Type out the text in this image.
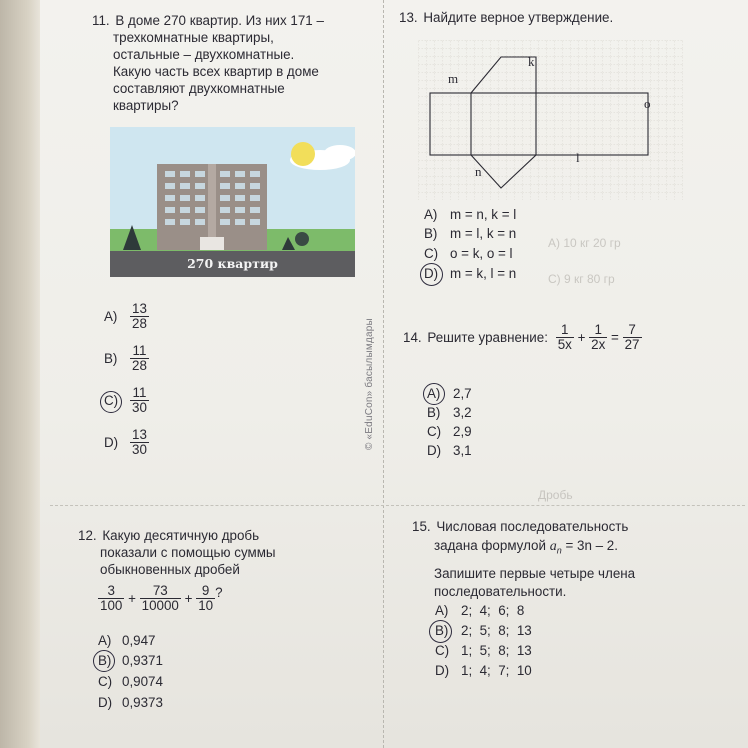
© «EduCon» басылымдары
A) 10 кг 20 гр
C) 9 кг 80 гр
Дробь
11. В доме 270 квартир. Из них 171 –
трехкомнатные квартиры,
остальные – двухкомнатные.
Какую часть всех квартир в доме
составляют двухкомнатные
квартиры?
270 квартир
$A) \frac{13}{28}$
$B) \frac{11}{28}$
$C) \frac{11}{30}$
$D) \frac{13}{30}$
12. Какую десятичную дробь
показали с помощью суммы
обыкновенных дробей
$\frac{3}{100} + \frac{73}{10000} + \frac{9}{10}$ ?
A) 0,947
B) 0,9371
C) 0,9074
D) 0,9373
13. Найдите верное утверждение.
m
k
o
l
n
A) m = n, k = l
B) m = l, k = n
C) o = k, o = l
D) m = k, l = n
14. Решите уравнение: $\frac{1}{5x} + \frac{1}{2x} = \frac{7}{27}$
A) 2,7
B) 3,2
C) 2,9
D) 3,1
15. Числовая последовательность
задана формулой $a_n = 3n - 2$.
Запишите первые четыре члена
последовательности.
A) 2;  4;  6;  8
B) 2;  5;  8;  13
C) 1;  5;  8;  13
D) 1;  4;  7;  10
